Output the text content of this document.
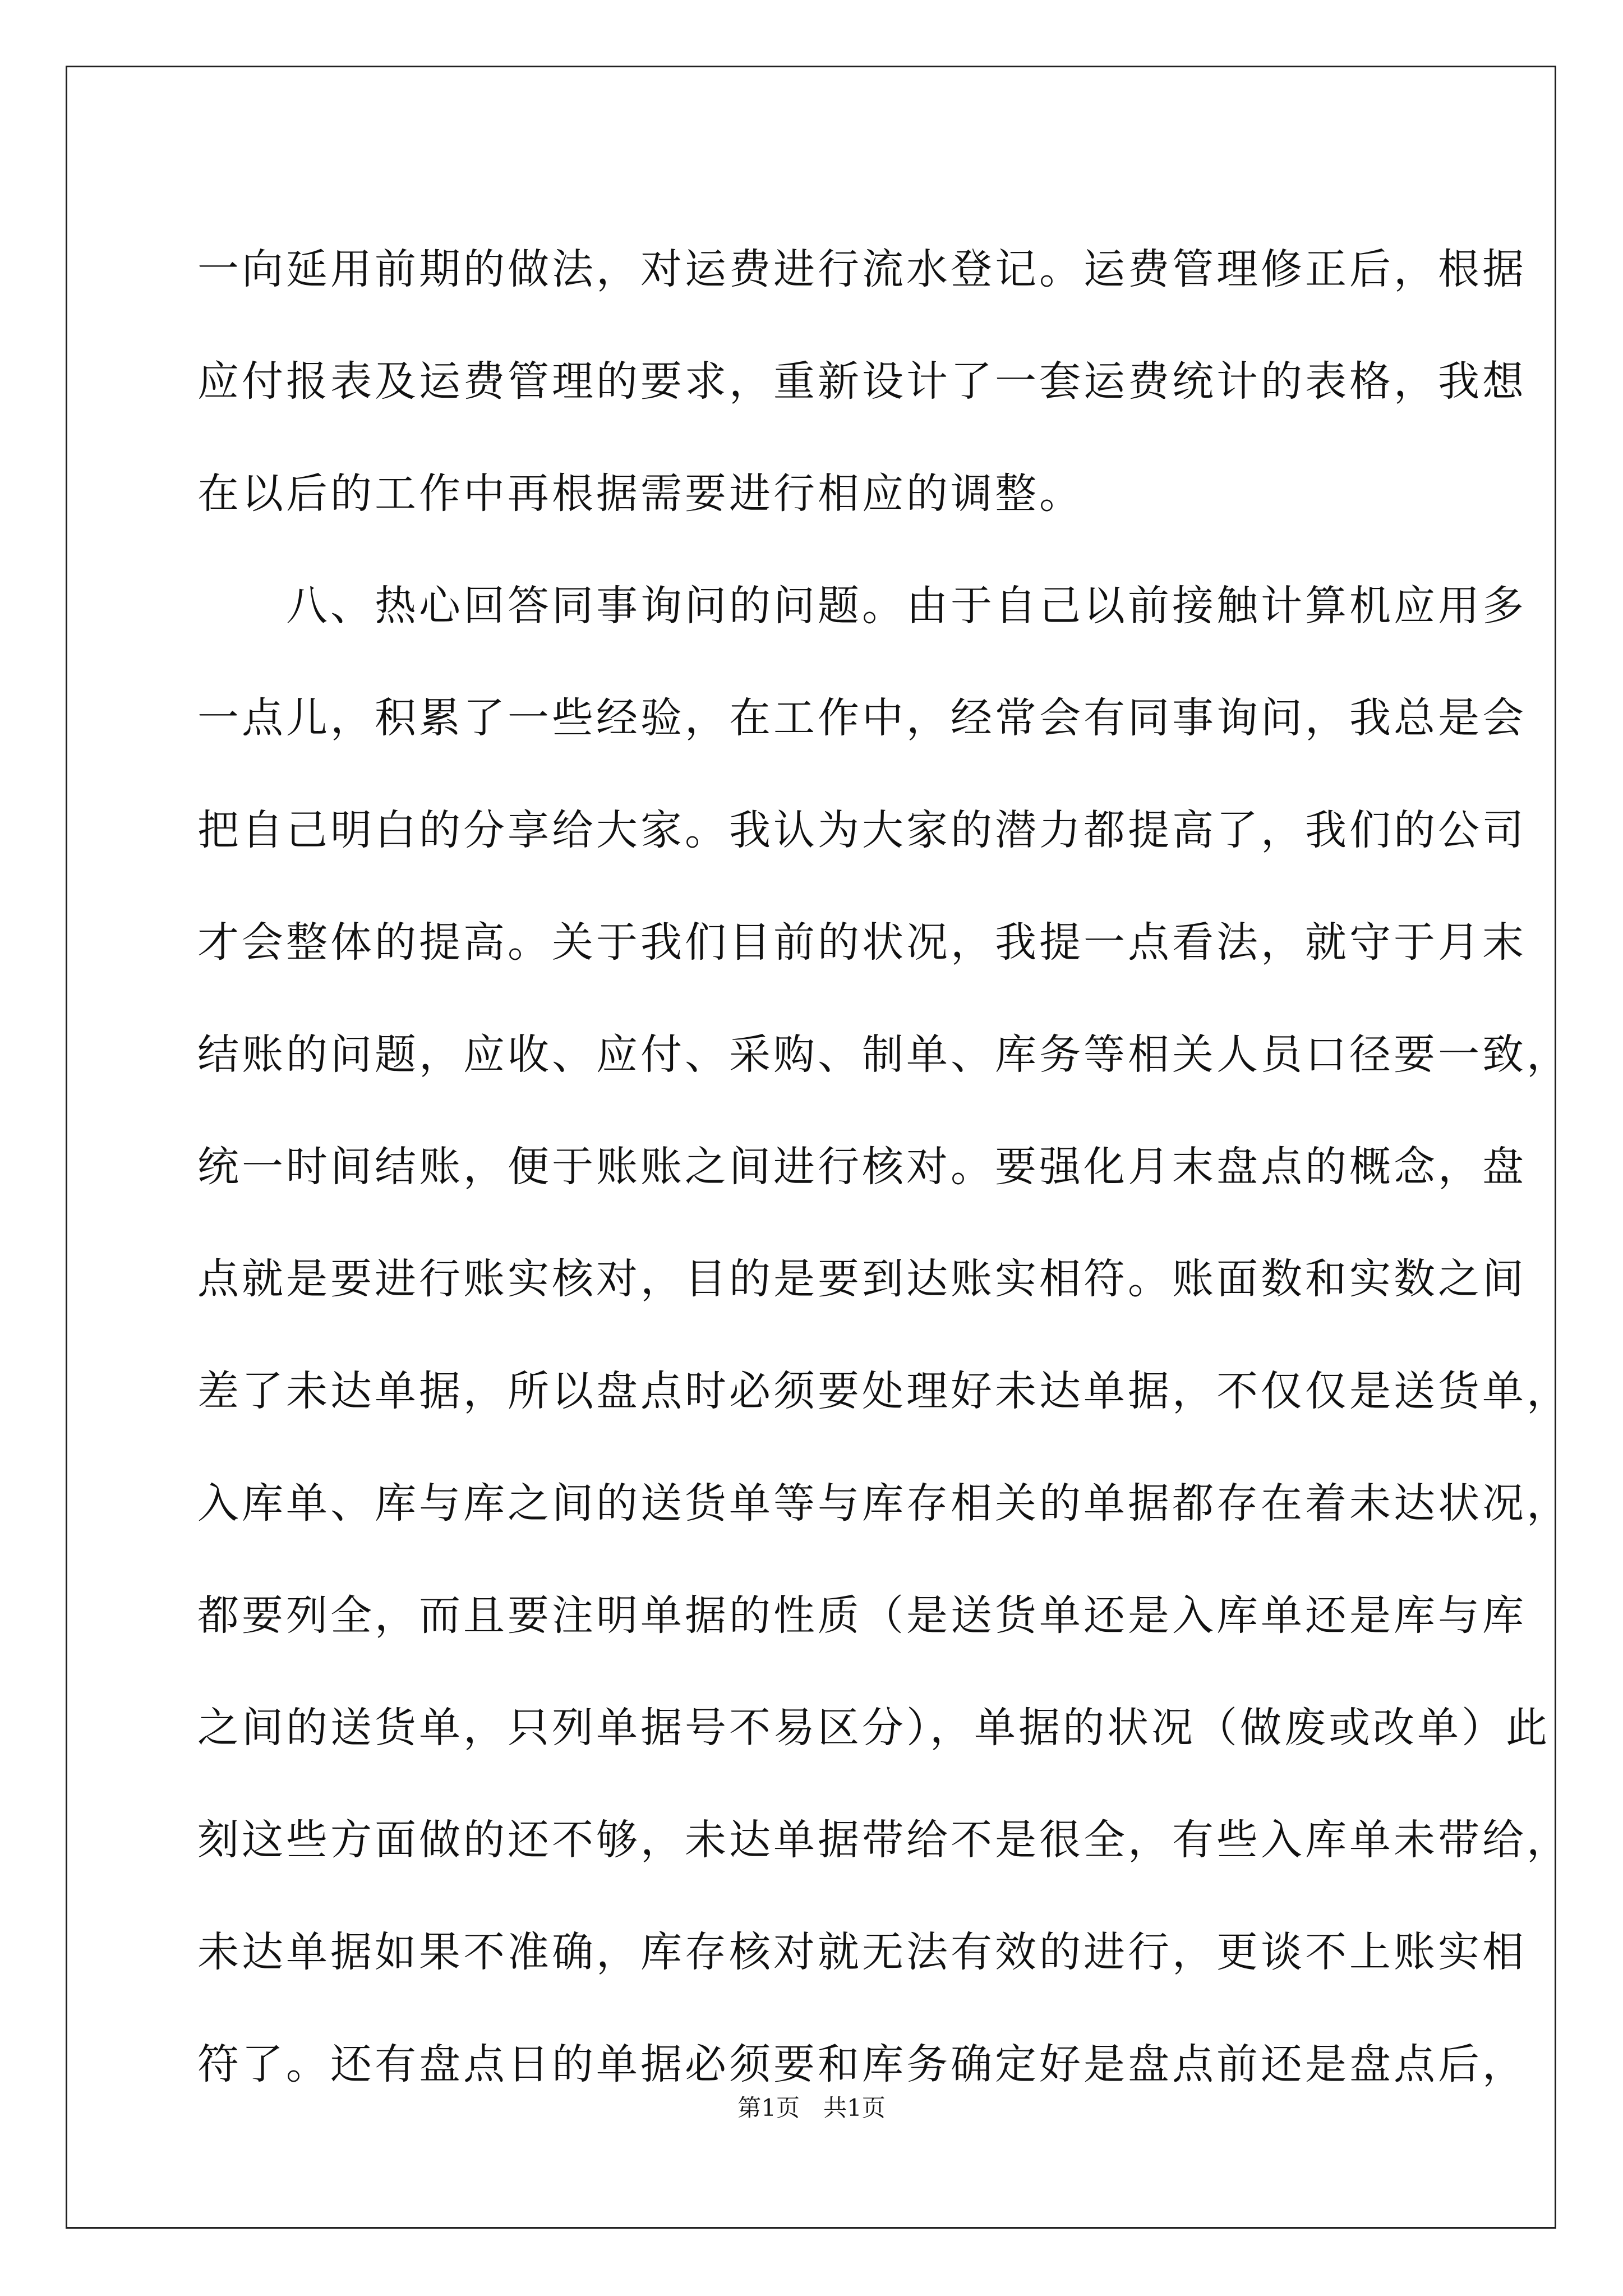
一向延用前期的做法，对运费进行流水登记。运费管理修正后，根据
应付报表及运费管理的要求，重新设计了一套运费统计的表格，我想
在以后的工作中再根据需要进行相应的调整。
　　八、热心回答同事询问的问题。由于自己以前接触计算机应用多
一点儿，积累了一些经验，在工作中，经常会有同事询问，我总是会
把自己明白的分享给大家。我认为大家的潜力都提高了，我们的公司
才会整体的提高。关于我们目前的状况，我提一点看法，就守于月末
结账的问题，应收、应付、采购、制单、库务等相关人员口径要一致，
统一时间结账，便于账账之间进行核对。要强化月末盘点的概念，盘
点就是要进行账实核对，目的是要到达账实相符。账面数和实数之间
差了未达单据，所以盘点时必须要处理好未达单据，不仅仅是送货单，
入库单、库与库之间的送货单等与库存相关的单据都存在着未达状况，
都要列全，而且要注明单据的性质（是送货单还是入库单还是库与库
之间的送货单，只列单据号不易区分），单据的状况（做废或改单）此
刻这些方面做的还不够，未达单据带给不是很全，有些入库单未带给，
未达单据如果不准确，库存核对就无法有效的进行，更谈不上账实相
符了。还有盘点日的单据必须要和库务确定好是盘点前还是盘点后，
第1页　共1页
